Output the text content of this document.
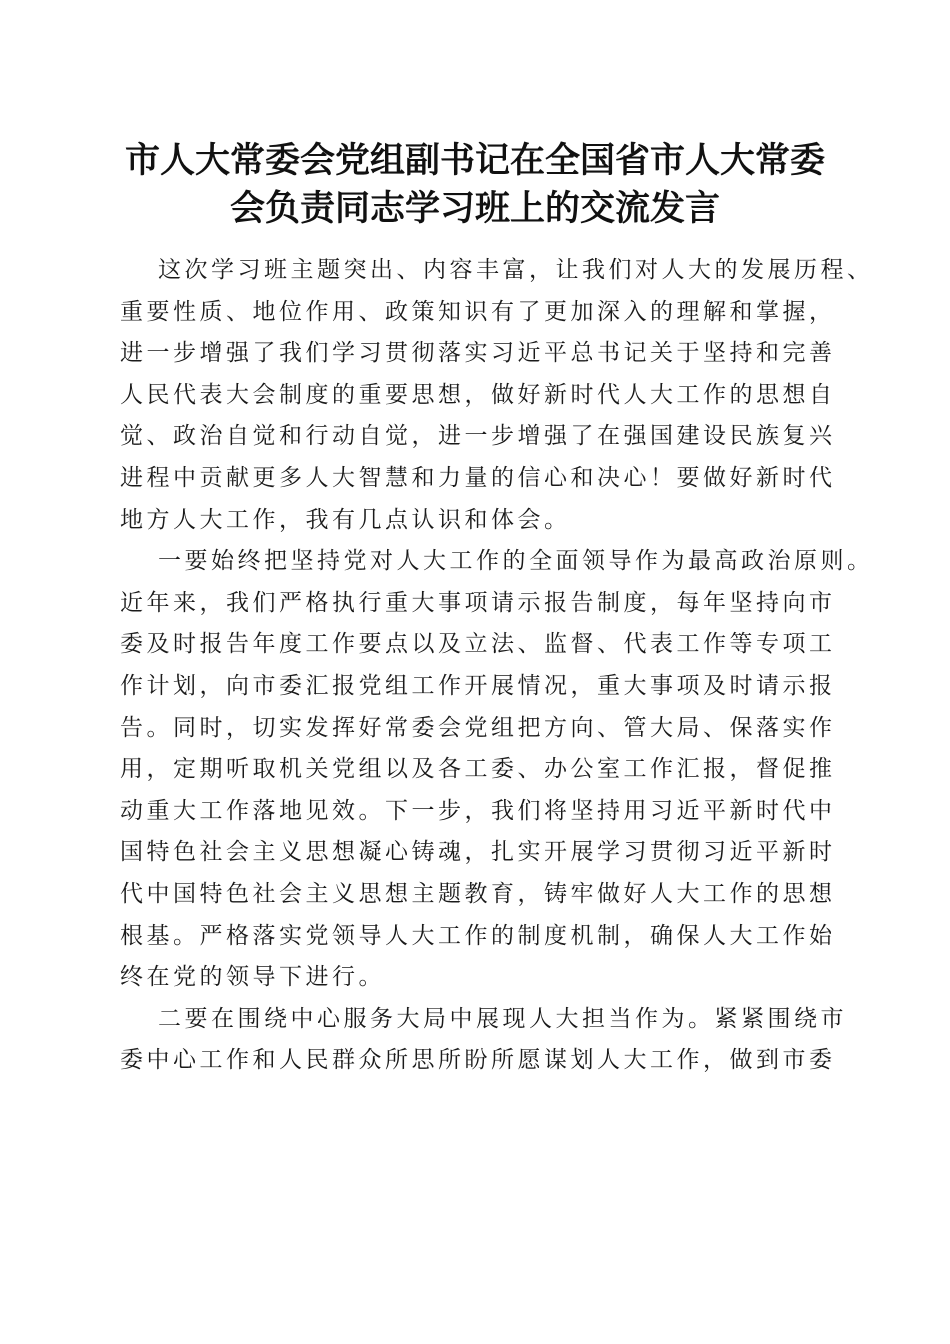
市人大常委会党组副书记在全国省市人大常委
会负责同志学习班上的交流发言
这次学习班主题突出、内容丰富，让我们对人大的发展历程、
重要性质、地位作用、政策知识有了更加深入的理解和掌握，
进一步增强了我们学习贯彻落实习近平总书记关于坚持和完善
人民代表大会制度的重要思想，做好新时代人大工作的思想自
觉、政治自觉和行动自觉，进一步增强了在强国建设民族复兴
进程中贡献更多人大智慧和力量的信心和决心！要做好新时代
地方人大工作，我有几点认识和体会。
一要始终把坚持党对人大工作的全面领导作为最高政治原则。
近年来，我们严格执行重大事项请示报告制度，每年坚持向市
委及时报告年度工作要点以及立法、监督、代表工作等专项工
作计划，向市委汇报党组工作开展情况，重大事项及时请示报
告。同时，切实发挥好常委会党组把方向、管大局、保落实作
用，定期听取机关党组以及各工委、办公室工作汇报，督促推
动重大工作落地见效。下一步，我们将坚持用习近平新时代中
国特色社会主义思想凝心铸魂，扎实开展学习贯彻习近平新时
代中国特色社会主义思想主题教育，铸牢做好人大工作的思想
根基。严格落实党领导人大工作的制度机制，确保人大工作始
终在党的领导下进行。
二要在围绕中心服务大局中展现人大担当作为。紧紧围绕市
委中心工作和人民群众所思所盼所愿谋划人大工作，做到市委
